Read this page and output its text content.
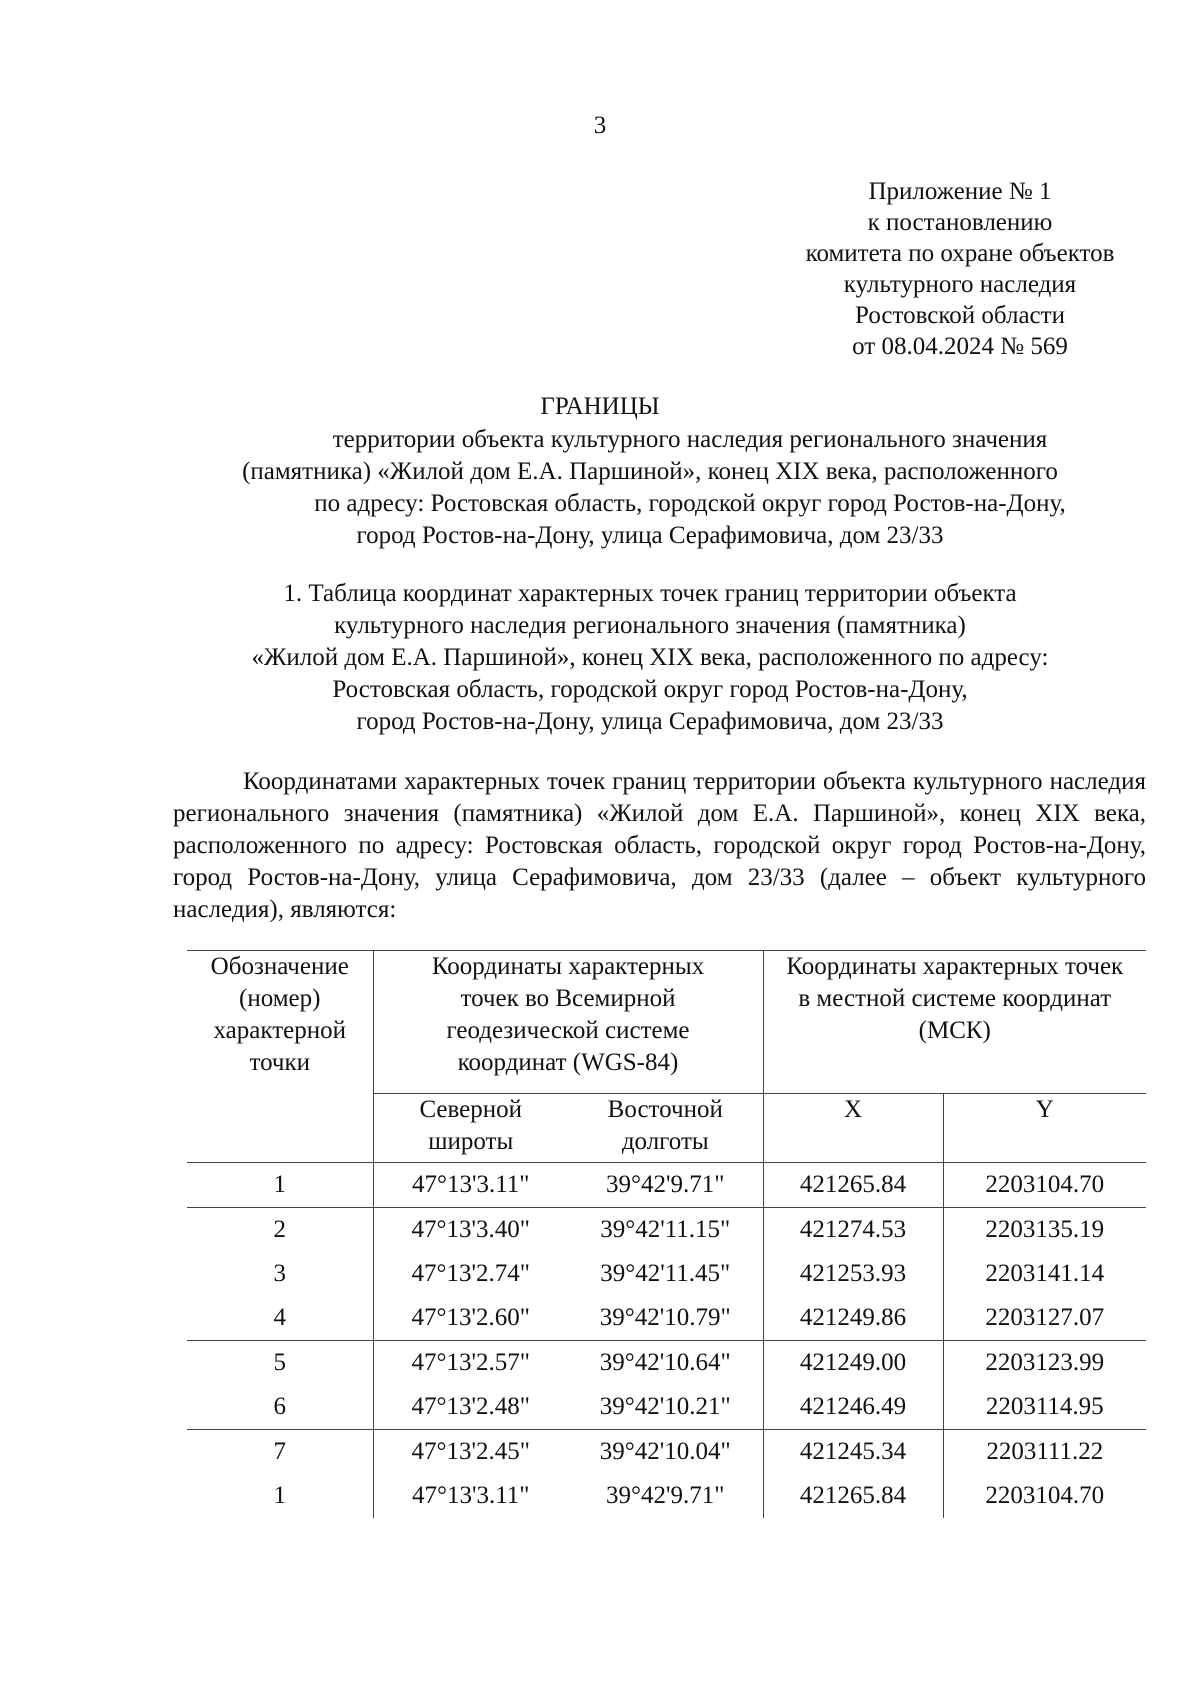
3
Приложение № 1
к постановлению
комитета по охране объектов
культурного наследия
Ростовской области
от 08.04.2024 № 569
ГРАНИЦЫ
территории объекта культурного наследия регионального значения
(памятника) «Жилой дом Е.А. Паршиной», конец XIX века, расположенного
по адресу: Ростовская область, городской округ город Ростов-на-Дону,
город Ростов-на-Дону, улица Серафимовича, дом 23/33
1. Таблица координат характерных точек границ территории объекта
культурного наследия регионального значения (памятника)
«Жилой дом Е.А. Паршиной», конец XIX века, расположенного по адресу:
Ростовская область, городской округ город Ростов-на-Дону,
город Ростов-на-Дону, улица Серафимовича, дом 23/33
Координатами характерных точек границ территории объекта культурного наследия регионального значения (памятника) «Жилой дом Е.А. Паршиной», конец XIX века, расположенного по адресу: Ростовская область, городской округ город Ростов-на-Дону, город Ростов-на-Дону, улица Серафимовича, дом 23/33 (далее – объект культурного наследия), являются:
Обозначение (номер) характерной точки	Координаты характерных точек во Всемирной геодезической системе координат (WGS-84)		Координаты характерных точек в местной системе координат (МСК)	
	Северной широты	Восточной долготы	X	Y
1	47°13'3.11"	39°42'9.71"	421265.84	2203104.70
2	47°13'3.40"	39°42'11.15"	421274.53	2203135.19
3	47°13'2.74"	39°42'11.45"	421253.93	2203141.14
4	47°13'2.60"	39°42'10.79"	421249.86	2203127.07
5	47°13'2.57"	39°42'10.64"	421249.00	2203123.99
6	47°13'2.48"	39°42'10.21"	421246.49	2203114.95
7	47°13'2.45"	39°42'10.04"	421245.34	2203111.22
1	47°13'3.11"	39°42'9.71"	421265.84	2203104.70
